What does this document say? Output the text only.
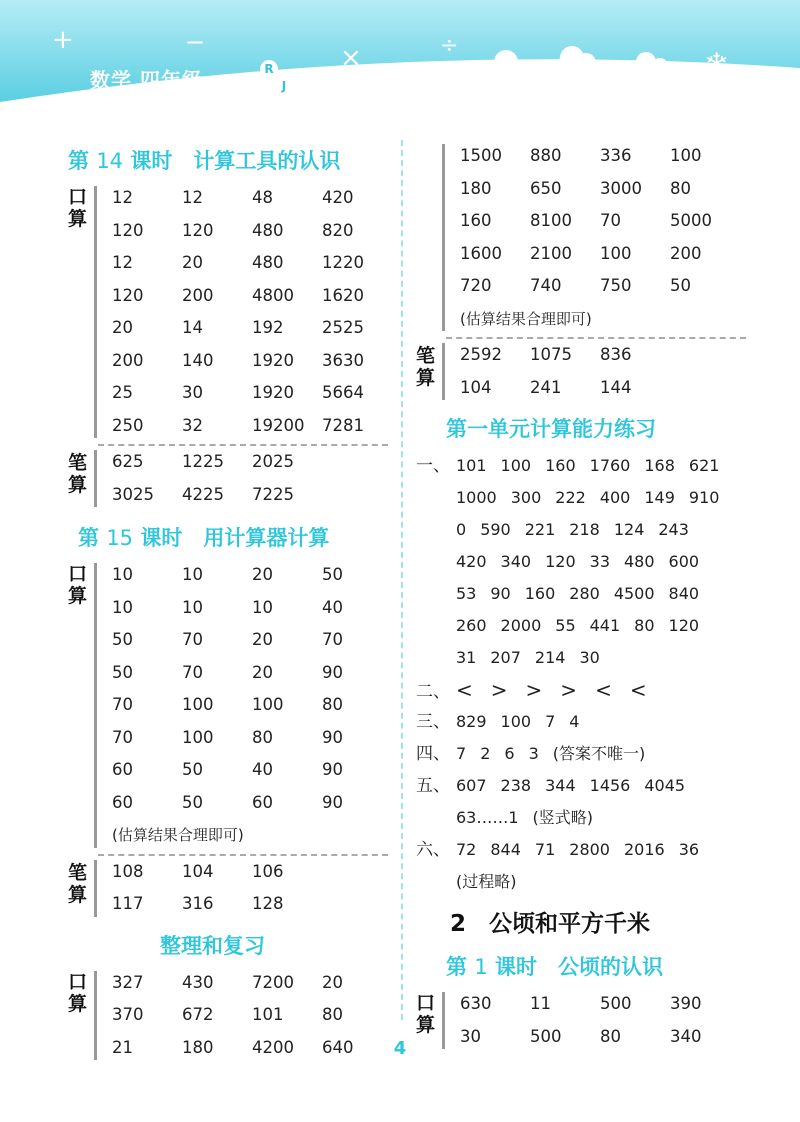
+	−
×	÷
❄
数学 四年级 上册
R
J
第 14 课时　计算工具的认识
口
算
12	12	48	420
120 120 480 820
12	20	480 1220
120 200 4800 1620
20	14	192 2525
200 140 1920 3630
25	30	1920 5664
250 32	19200 7281
笔
算
625 1225 2025
3025 4225 7225
第 15 课时　用计算器计算
口
算
10	10	20	50
10	10	10	40
50	70	20	70
50	70	20	90
70	100 100 80
70	100 80	90
60	50	40	90
60	50	60	90
(估算结果合理即可)
笔
算
108 104 106
117 316 128
整理和复习
口
算
327 430 7200 20
370 672 101 80
21	180 4200 640
1500 880 336 100
180 650 3000 80
160 8100 70	5000
1600 2100 100 200
720 740 750 50
(估算结果合理即可)
笔
算
2592 1075 836
104 241 144
第一单元计算能力练习
一、 101 100 160 1760 168 621
1000 300 222 400 149 910
0 590 221 218 124 243
420 340 120 33 480 600
53 90 160 280 4500 840
260 2000 55 441 80 120
31 207 214 30
二、 < > > > < <
三、 829 100 7 4
四、 7 2 6 3 (答案不唯一)
五、 607 238 344 1456 4045
63……1 (竖式略)
六、 72 844 71 2800 2016 36
(过程略)
2　公顷和平方千米
第 1 课时　公顷的认识
口
算
630 11	500 390
30	500 80	340
4
